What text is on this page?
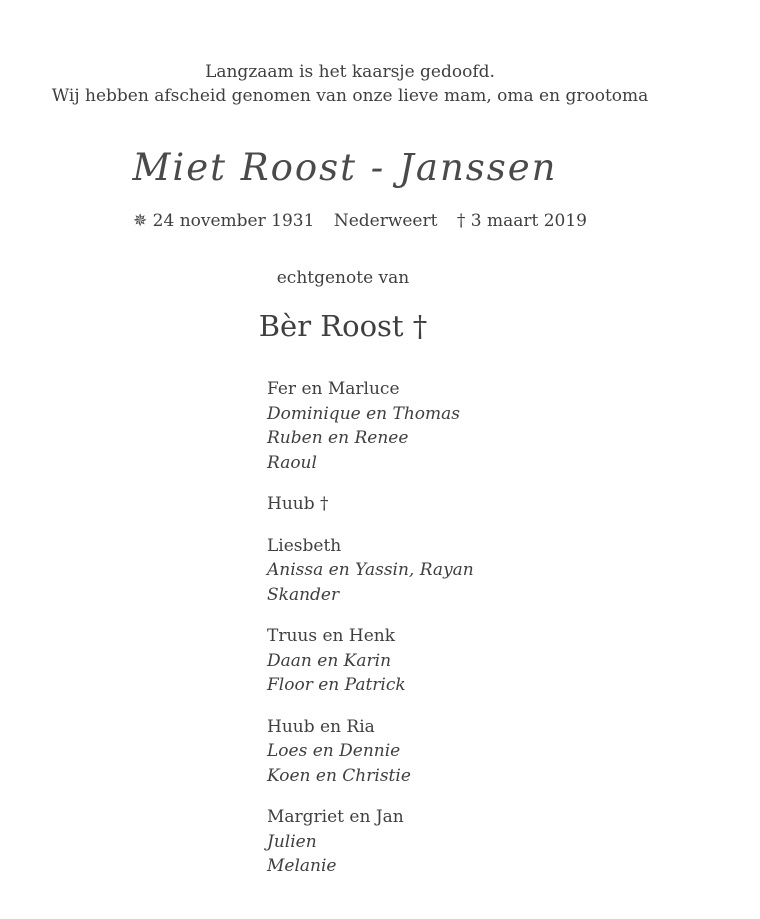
Langzaam is het kaarsje gedoofd.
Wij hebben afscheid genomen van onze lieve mam, oma en grootoma
Miet Roost - Janssen
✵ 24 november 1931 Nederweert † 3 maart 2019
echtgenote van
Bèr Roost †
Fer en Marluce
Dominique en Thomas
Ruben en Renee
Raoul
Huub †
Liesbeth
Anissa en Yassin, Rayan
Skander
Truus en Henk
Daan en Karin
Floor en Patrick
Huub en Ria
Loes en Dennie
Koen en Christie
Margriet en Jan
Julien
Melanie
